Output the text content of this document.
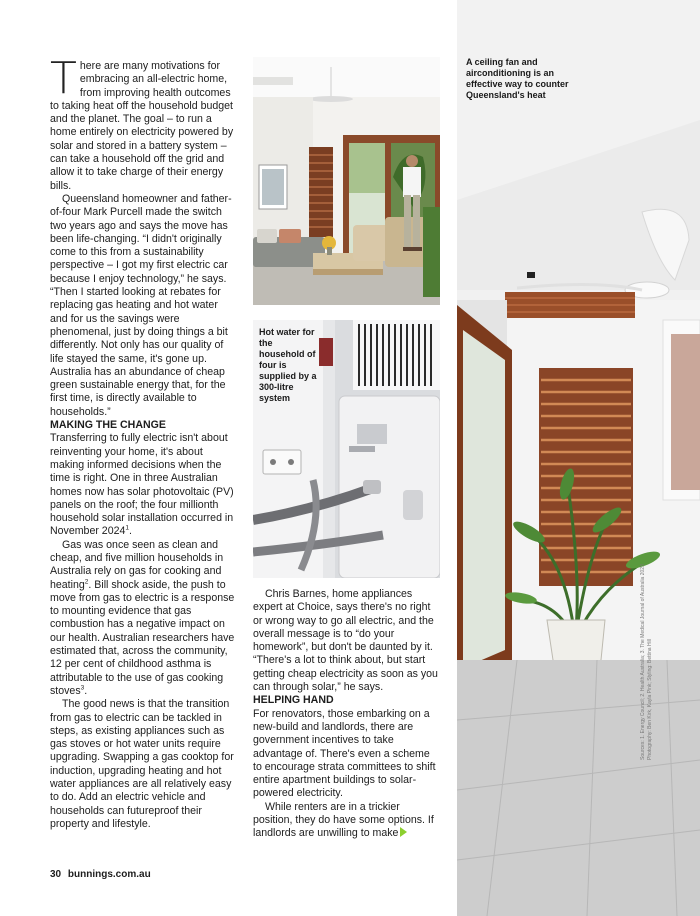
There are many motivations for embracing an all-electric home, from improving health outcomes to taking heat off the household budget and the planet. The goal – to run a home entirely on electricity powered by solar and stored in a battery system – can take a household off the grid and allow it to take charge of their energy bills.

Queensland homeowner and father-of-four Mark Purcell made the switch two years ago and says the move has been life-changing. “I didn't originally come to this from a sustainability perspective – I got my first electric car because I enjoy technology,” he says. “Then I started looking at rebates for replacing gas heating and hot water and for us the savings were phenomenal, just by doing things a bit differently. Not only has our quality of life stayed the same, it's gone up. Australia has an abundance of cheap green sustainable energy that, for the first time, is directly available to households.”

MAKING THE CHANGE

Transferring to fully electric isn't about reinventing your home, it's about making informed decisions when the time is right. One in three Australian homes now has solar photovoltaic (PV) panels on the roof; the four millionth household solar installation occurred in November 2024$^1$.

Gas was once seen as clean and cheap, and five million households in Australia rely on gas for cooking and heating$^2$. Bill shock aside, the push to move from gas to electric is a response to mounting evidence that gas combustion has a negative impact on our health. Australian researchers have estimated that, across the community, 12 per cent of childhood asthma is attributable to the use of gas cooking stoves$^3$.

The good news is that the transition from gas to electric can be tackled in steps, as existing appliances such as gas stoves or hot water units require upgrading. Swapping a gas cooktop for induction, upgrading heating and hot water appliances are all relatively easy to do. Add an electric vehicle and households can futureproof their property and lifestyle.

Hot water for the household of four is supplied by a 300-litre system
A ceiling fan and airconditioning is an effective way to counter Queensland's heat
Photography: Ben Kirk, Kayla Pink; Styling: Bettina Hill

Chris Barnes, home appliances expert at Choice, says there's no right or wrong way to go all electric, and the overall message is to “do your homework”, but don't be daunted by it. “There's a lot to think about, but start getting cheap electricity as soon as you can through solar,” he says.

HELPING HAND

For renovators, those embarking on a new-build and landlords, there are government incentives to take advantage of. There's even a scheme to encourage strata committees to shift entire apartment buildings to solar-powered electricity.

While renters are in a trickier position, they do have some options. If landlords are unwilling to make

30 bunnings.com.au
